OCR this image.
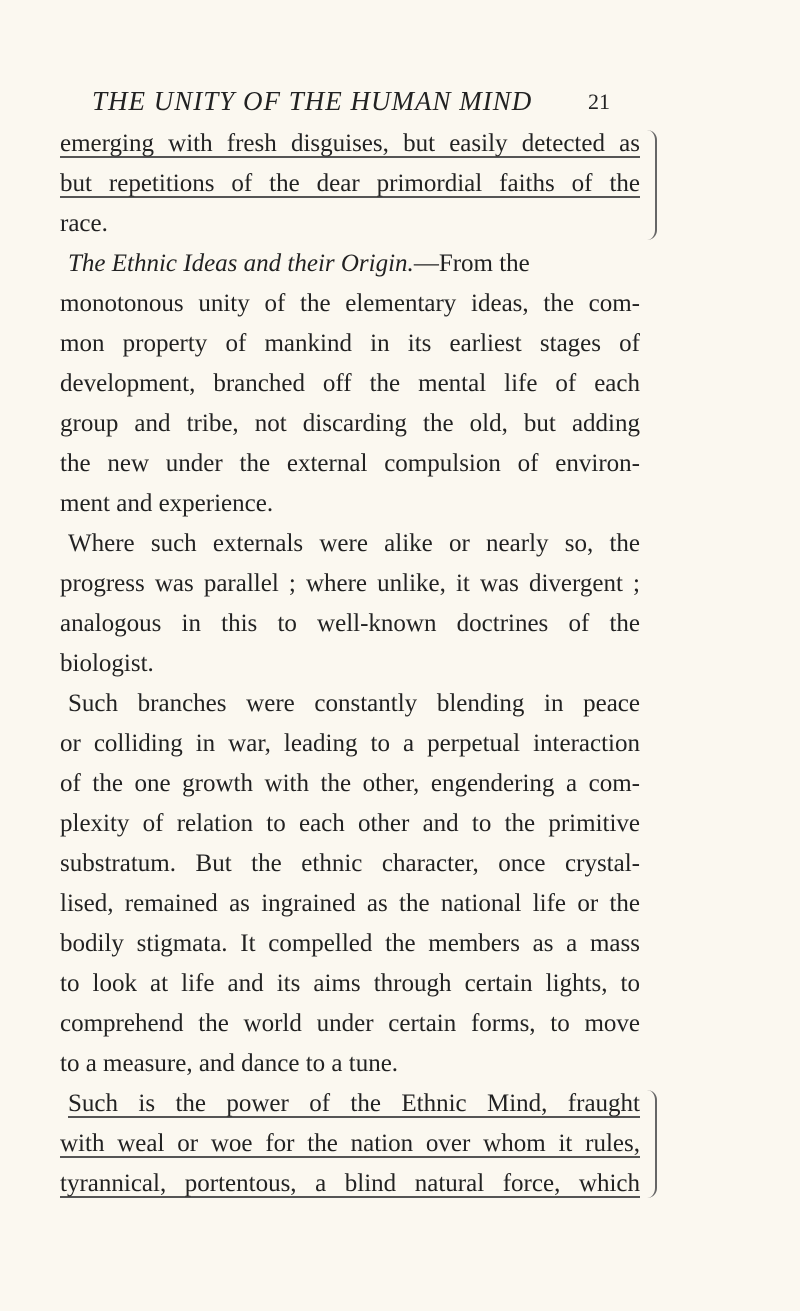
THE UNITY OF THE HUMAN MIND	21
emerging with fresh disguises, but easily detected as
but repetitions of the dear primordial faiths of the
race.
The Ethnic Ideas and their Origin.—From the
monotonous unity of the elementary ideas, the com-
mon property of mankind in its earliest stages of
development, branched off the mental life of each
group and tribe, not discarding the old, but adding
the new under the external compulsion of environ-
ment and experience.
Where such externals were alike or nearly so, the
progress was parallel ; where unlike, it was divergent ;
analogous in this to well-known doctrines of the
biologist.
Such branches were constantly blending in peace
or colliding in war, leading to a perpetual interaction
of the one growth with the other, engendering a com-
plexity of relation to each other and to the primitive
substratum. But the ethnic character, once crystal-
lised, remained as ingrained as the national life or the
bodily stigmata. It compelled the members as a mass
to look at life and its aims through certain lights, to
comprehend the world under certain forms, to move
to a measure, and dance to a tune.
Such is the power of the Ethnic Mind, fraught
with weal or woe for the nation over whom it rules,
tyrannical, portentous, a blind natural force, which
